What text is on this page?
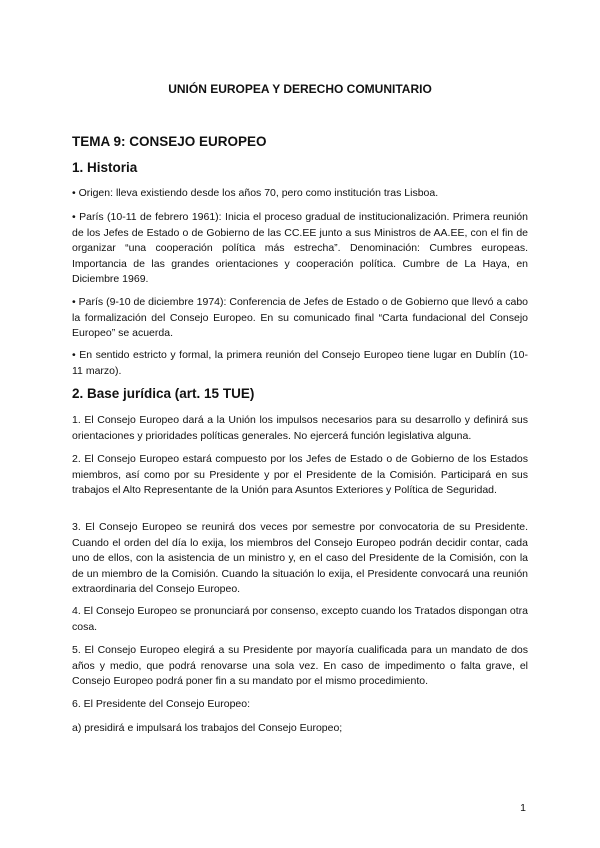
UNIÓN EUROPEA Y DERECHO COMUNITARIO
TEMA 9: CONSEJO EUROPEO
1. Historia

• Origen: lleva existiendo desde los años 70, pero como institución tras Lisboa.

• París (10-11 de febrero 1961): Inicia el proceso gradual de institucionalización. Primera reunión de los Jefes de Estado o de Gobierno de las CC.EE junto a sus Ministros de AA.EE, con el fin de organizar “una cooperación política más estrecha”. Denominación: Cumbres europeas. Importancia de las grandes orientaciones y cooperación política. Cumbre de La Haya, en Diciembre 1969.

• París (9-10 de diciembre 1974): Conferencia de Jefes de Estado o de Gobierno que llevó a cabo la formalización del Consejo Europeo. En su comunicado final “Carta fundacional del Consejo Europeo” se acuerda.

• En sentido estricto y formal, la primera reunión del Consejo Europeo tiene lugar en Dublín (10-11 marzo).

2. Base jurídica (art. 15 TUE)

1. El Consejo Europeo dará a la Unión los impulsos necesarios para su desarrollo y definirá sus orientaciones y prioridades políticas generales. No ejercerá función legislativa alguna.

2. El Consejo Europeo estará compuesto por los Jefes de Estado o de Gobierno de los Estados miembros, así como por su Presidente y por el Presidente de la Comisión. Participará en sus trabajos el Alto Representante de la Unión para Asuntos Exteriores y Política de Seguridad.

3. El Consejo Europeo se reunirá dos veces por semestre por convocatoria de su Presidente. Cuando el orden del día lo exija, los miembros del Consejo Europeo podrán decidir contar, cada uno de ellos, con la asistencia de un ministro y, en el caso del Presidente de la Comisión, con la de un miembro de la Comisión. Cuando la situación lo exija, el Presidente convocará una reunión extraordinaria del Consejo Europeo.

4. El Consejo Europeo se pronunciará por consenso, excepto cuando los Tratados dispongan otra cosa.

5. El Consejo Europeo elegirá a su Presidente por mayoría cualificada para un mandato de dos años y medio, que podrá renovarse una sola vez. En caso de impedimento o falta grave, el Consejo Europeo podrá poner fin a su mandato por el mismo procedimiento.

6. El Presidente del Consejo Europeo:

a) presidirá e impulsará los trabajos del Consejo Europeo;

1
